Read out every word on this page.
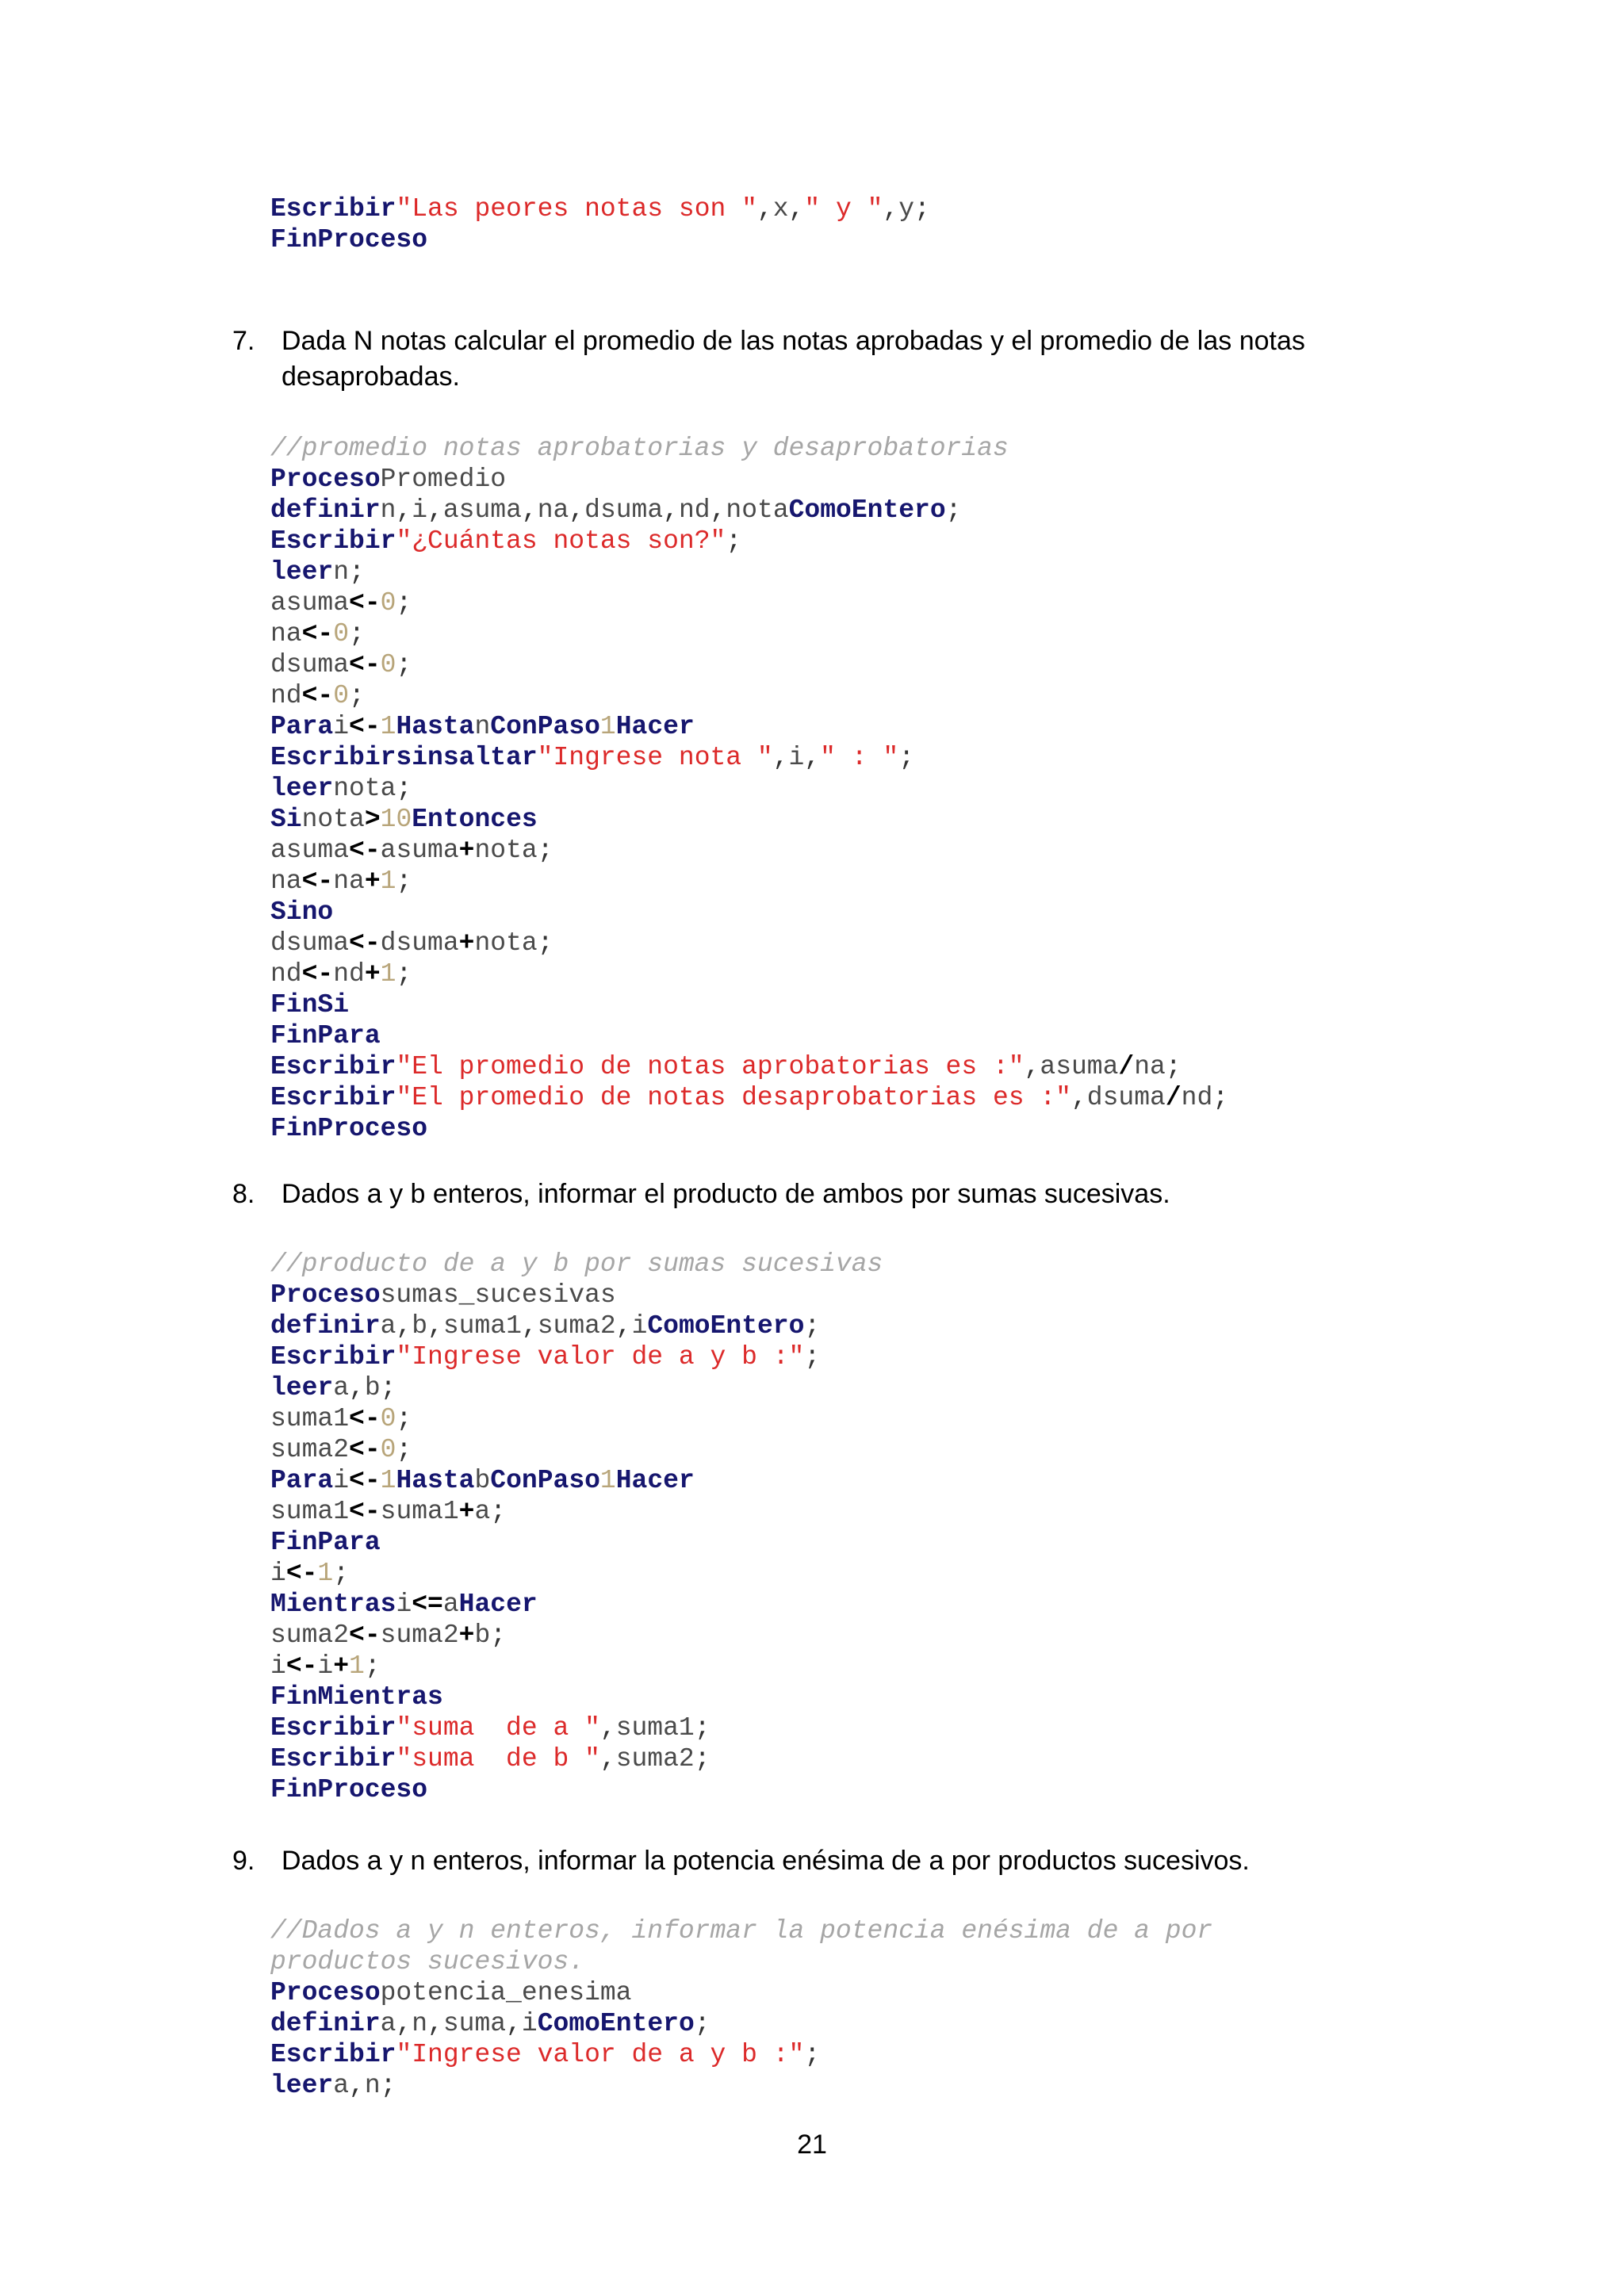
Escribir"Las peores notas son ",x," y ",y;
FinProceso
7. Dada N notas calcular el promedio de las notas aprobadas y el promedio de las notas desaprobadas.
//promedio notas aprobatorias y desaprobatorias
ProcesoPromedio
definirn,i,asuma,na,dsuma,nd,notaComoEntero;
Escribir"¿Cuántas notas son?";
leern;
asuma<-0;
na<-0;
dsuma<-0;
nd<-0;
Parai<-1HastanConPaso1Hacer
Escribirsinsaltar"Ingrese nota ",i," : ";
leernota;
Sinota>10Entonces
asuma<-asuma+nota;
na<-na+1;
Sino
dsuma<-dsuma+nota;
nd<-nd+1;
FinSi
FinPara
Escribir"El promedio de notas aprobatorias es :",asuma/na;
Escribir"El promedio de notas desaprobatorias es :",dsuma/nd;
FinProceso
8. Dados a y b enteros, informar el producto de ambos por sumas sucesivas.
//producto de a y b por sumas sucesivas
Procesosumas_sucesivas
definira,b,suma1,suma2,iComoEntero;
Escribir"Ingrese valor de a y b :";
leera,b;
suma1<-0;
suma2<-0;
Parai<-1HastabConPaso1Hacer
suma1<-suma1+a;
FinPara
i<-1;
Mientrasi<=aHacer
suma2<-suma2+b;
i<-i+1;
FinMientras
Escribir"suma  de a ",suma1;
Escribir"suma  de b ",suma2;
FinProceso
9. Dados a y n enteros, informar la potencia enésima de a por productos sucesivos.
//Dados a y n enteros, informar la potencia enésima de a por
productos sucesivos.
Procesopotencia_enesima
definira,n,suma,iComoEntero;
Escribir"Ingrese valor de a y b :";
leera,n;
21
